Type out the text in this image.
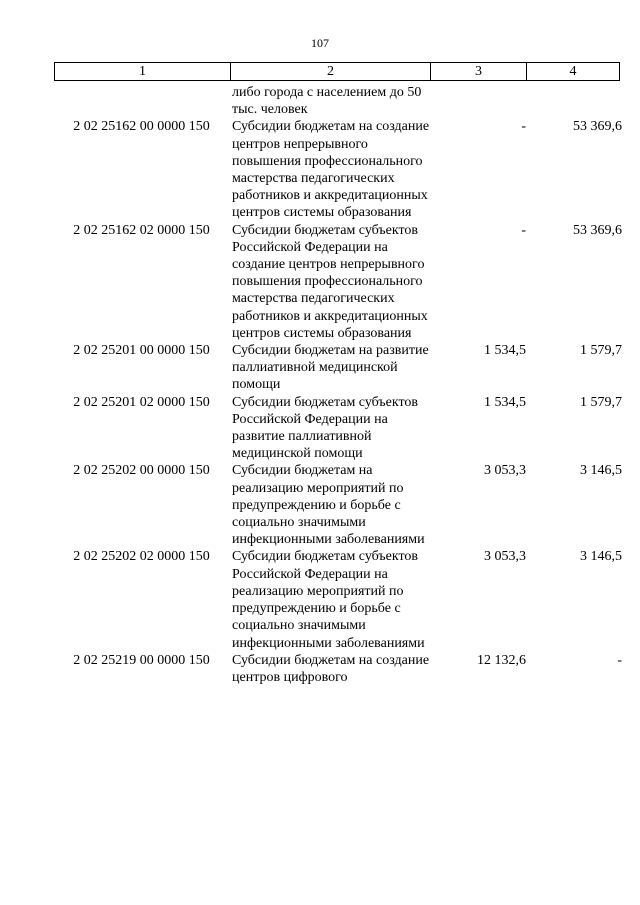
107
1	2	3	4
	либо города с населением до 50 тыс. человек		
2 02 25162 00 0000 150	Субсидии бюджетам на создание центров непрерывного повышения профессионального мастерства педагогических работников и аккредитационных центров системы образования	-	53 369,6
2 02 25162 02 0000 150	Субсидии бюджетам субъектов Российской Федерации на создание центров непрерывного повышения профессионального мастерства педагогических работников и аккредитационных центров системы образования	-	53 369,6
2 02 25201 00 0000 150	Субсидии бюджетам на развитие паллиативной медицинской помощи	1 534,5	1 579,7
2 02 25201 02 0000 150	Субсидии бюджетам субъектов Российской Федерации на развитие паллиативной медицинской помощи	1 534,5	1 579,7
2 02 25202 00 0000 150	Субсидии бюджетам на реализацию мероприятий по предупреждению и борьбе с социально значимыми инфекционными заболеваниями	3 053,3	3 146,5
2 02 25202 02 0000 150	Субсидии бюджетам субъектов Российской Федерации на реализацию мероприятий по предупреждению и борьбе с социально значимыми инфекционными заболеваниями	3 053,3	3 146,5
2 02 25219 00 0000 150	Субсидии бюджетам на создание центров цифрового	12 132,6	-
